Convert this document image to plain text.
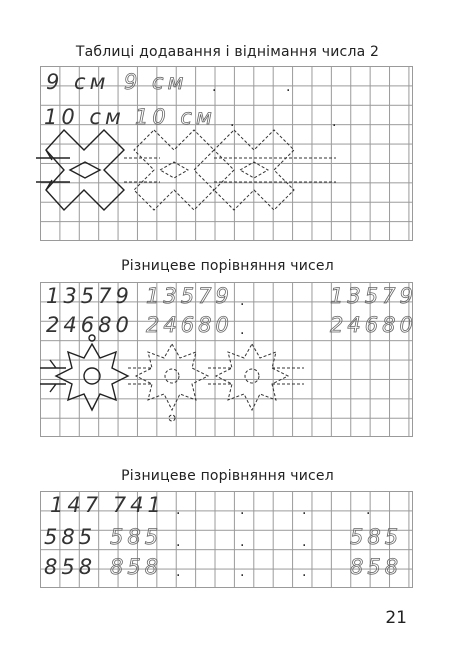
Таблиці додавання і віднімання числа 2
9 см 9 см .	.
10 см 10 см .	.
Різницеве порівняння чисел
13579 13579 .	13579
24680 24680 .	24680
Різницеве порівняння чисел
147 741 .	.	.	.
585 585 .	.	. 585
858 858 .	.	. 858
21
